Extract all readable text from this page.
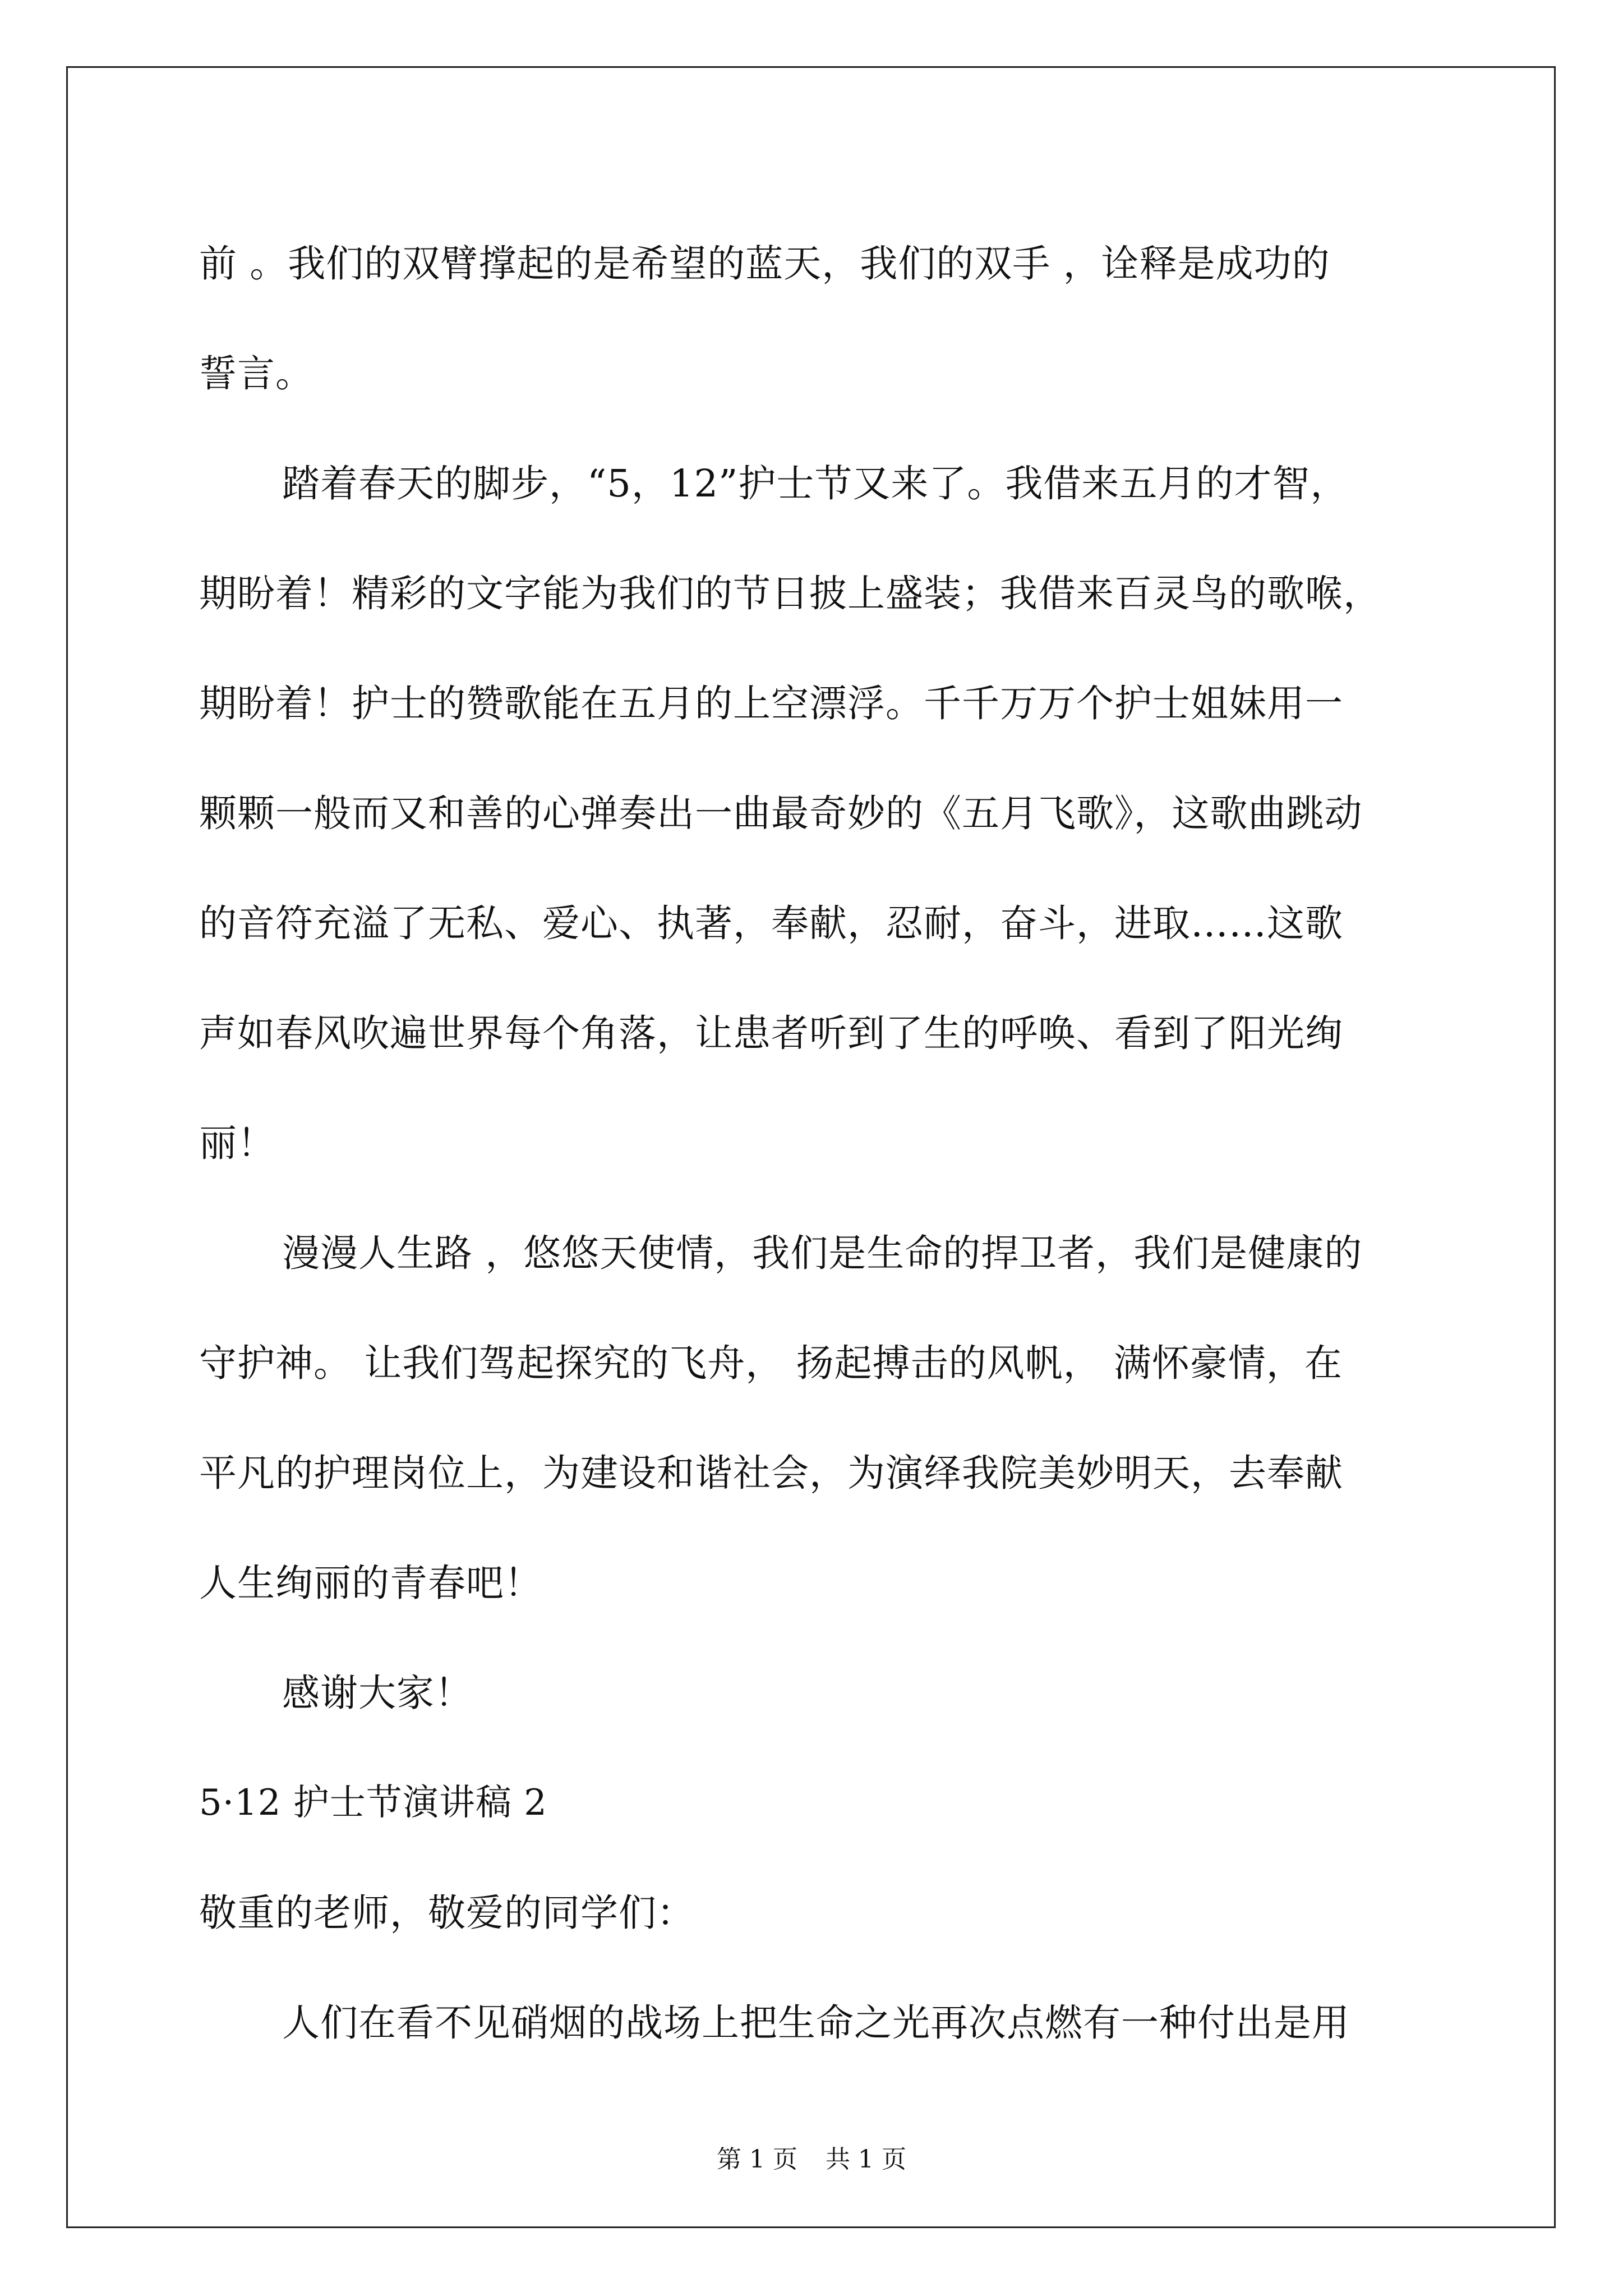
前 。我们的双臂撑起的是希望的蓝天，我们的双手 ，诠释是成功的
誓言。
踏着春天的脚步，“5，12”护士节又来了。我借来五月的才智，
期盼着！精彩的文字能为我们的节日披上盛装；我借来百灵鸟的歌喉，
期盼着！护士的赞歌能在五月的上空漂浮。千千万万个护士姐妹用一
颗颗一般而又和善的心弹奏出一曲最奇妙的《五月飞歌》，这歌曲跳动
的音符充溢了无私、爱心、执著，奉献，忍耐，奋斗，进取……这歌
声如春风吹遍世界每个角落，让患者听到了生的呼唤、看到了阳光绚
丽！
漫漫人生路 ，悠悠天使情，我们是生命的捍卫者，我们是健康的
守护神。 让我们驾起探究的飞舟， 扬起搏击的风帆， 满怀豪情，在
平凡的护理岗位上，为建设和谐社会，为演绎我院美妙明天，去奉献
人生绚丽的青春吧！
感谢大家！
5·12 护士节演讲稿 2
敬重的老师，敬爱的同学们：
人们在看不见硝烟的战场上把生命之光再次点燃有一种付出是用
第 1 页 共 1 页
